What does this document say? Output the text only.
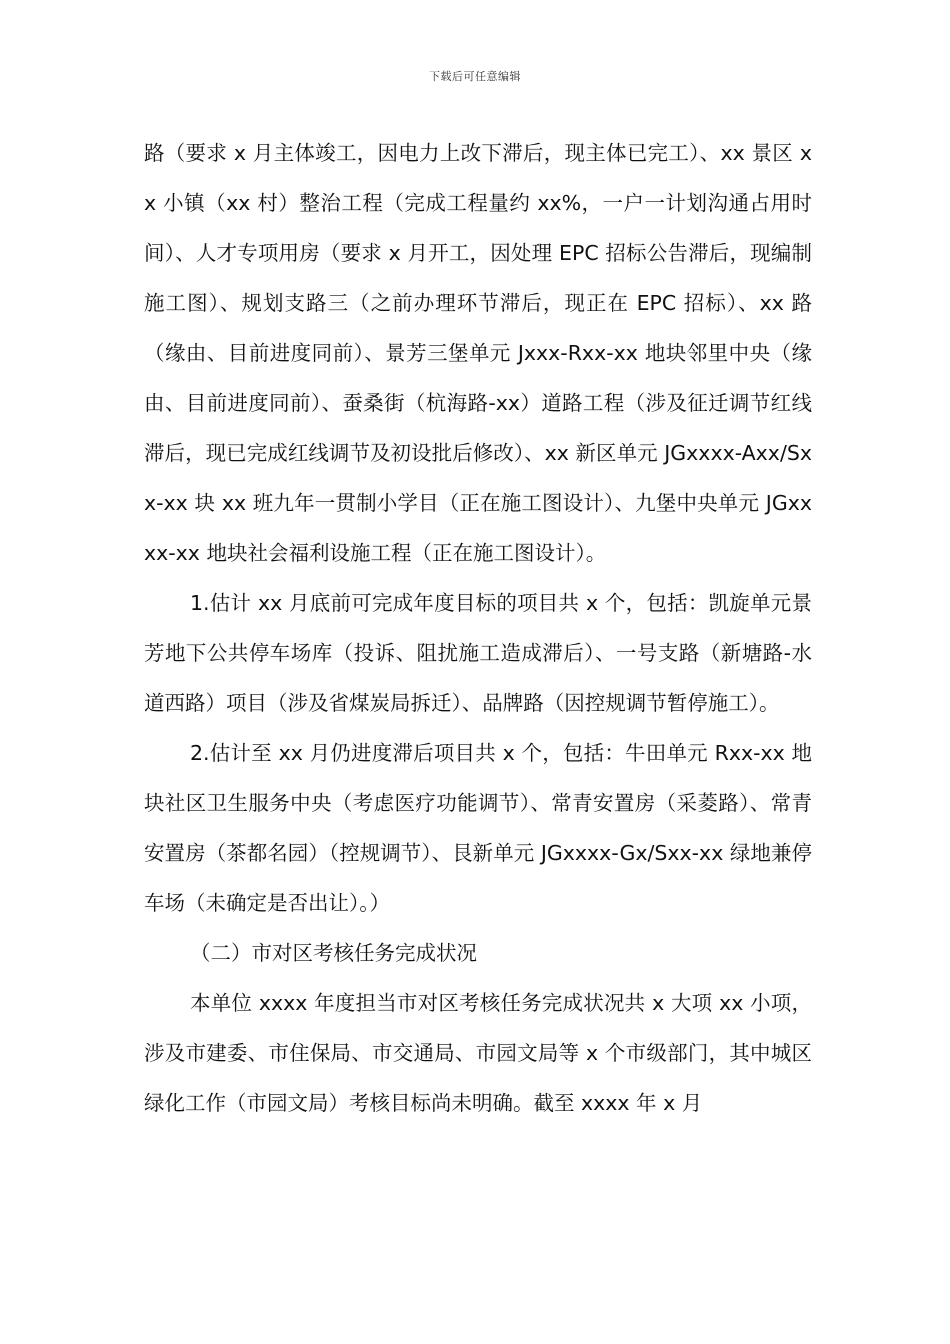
下载后可任意编辑

路（要求 x 月主体竣工，因电力上改下滞后，现主体已完工）、xx 景区 xx 小镇（xx 村）整治工程（完成工程量约 xx%，一户一计划沟通占用时间）、人才专项用房（要求 x 月开工，因处理 EPC 招标公告滞后，现编制施工图）、规划支路三（之前办理环节滞后，现正在 EPC 招标）、xx 路（缘由、目前进度同前）、景芳三堡单元 Jxxx-Rxx-xx 地块邻里中央（缘由、目前进度同前）、蚕桑街（杭海路-xx）道路工程（涉及征迁调节红线滞后，现已完成红线调节及初设批后修改）、xx 新区单元 JGxxxx-Axx/Sxx-xx 块 xx 班九年一贯制小学目（正在施工图设计）、九堡中央单元 JGxxxx-xx 地块社会福利设施工程（正在施工图设计）。

1.估计 xx 月底前可完成年度目标的项目共 x 个，包括：凯旋单元景芳地下公共停车场库（投诉、阻扰施工造成滞后）、一号支路（新塘路-水道西路）项目（涉及省煤炭局拆迁）、品牌路（因控规调节暂停施工）。

2.估计至 xx 月仍进度滞后项目共 x 个，包括：牛田单元 Rxx-xx 地块社区卫生服务中央（考虑医疗功能调节）、常青安置房（采菱路）、常青安置房（茶都名园）（控规调节）、艮新单元 JGxxxx-Gx/Sxx-xx 绿地兼停车场（未确定是否出让）。）

（二）市对区考核任务完成状况

本单位 xxxx 年度担当市对区考核任务完成状况共 x 大项 xx 小项，涉及市建委、市住保局、市交通局、市园文局等 x 个市级部门，其中城区绿化工作（市园文局）考核目标尚未明确。截至 xxxx 年 x 月
